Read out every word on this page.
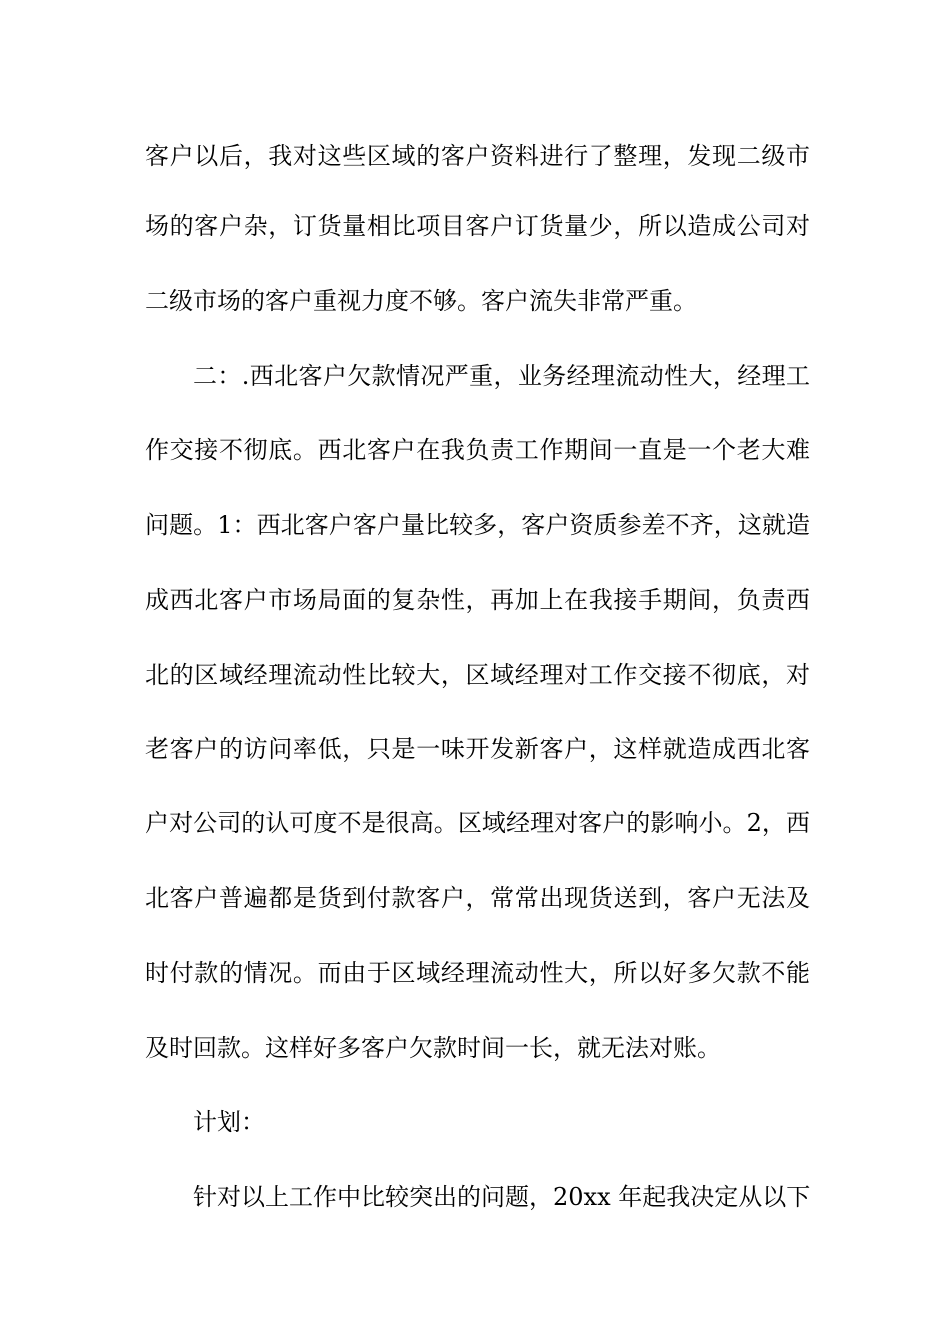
客户以后，我对这些区域的客户资料进行了整理，发现二级市
场的客户杂，订货量相比项目客户订货量少，所以造成公司对
二级市场的客户重视力度不够。客户流失非常严重。
二：.西北客户欠款情况严重，业务经理流动性大，经理工
作交接不彻底。西北客户在我负责工作期间一直是一个老大难
问题。1：西北客户客户量比较多，客户资质参差不齐，这就造
成西北客户市场局面的复杂性，再加上在我接手期间，负责西
北的区域经理流动性比较大，区域经理对工作交接不彻底，对
老客户的访问率低，只是一味开发新客户，这样就造成西北客
户对公司的认可度不是很高。区域经理对客户的影响小。2，西
北客户普遍都是货到付款客户，常常出现货送到，客户无法及
时付款的情况。而由于区域经理流动性大，所以好多欠款不能
及时回款。这样好多客户欠款时间一长，就无法对账。
计划：
针对以上工作中比较突出的问题，20xx 年起我决定从以下
